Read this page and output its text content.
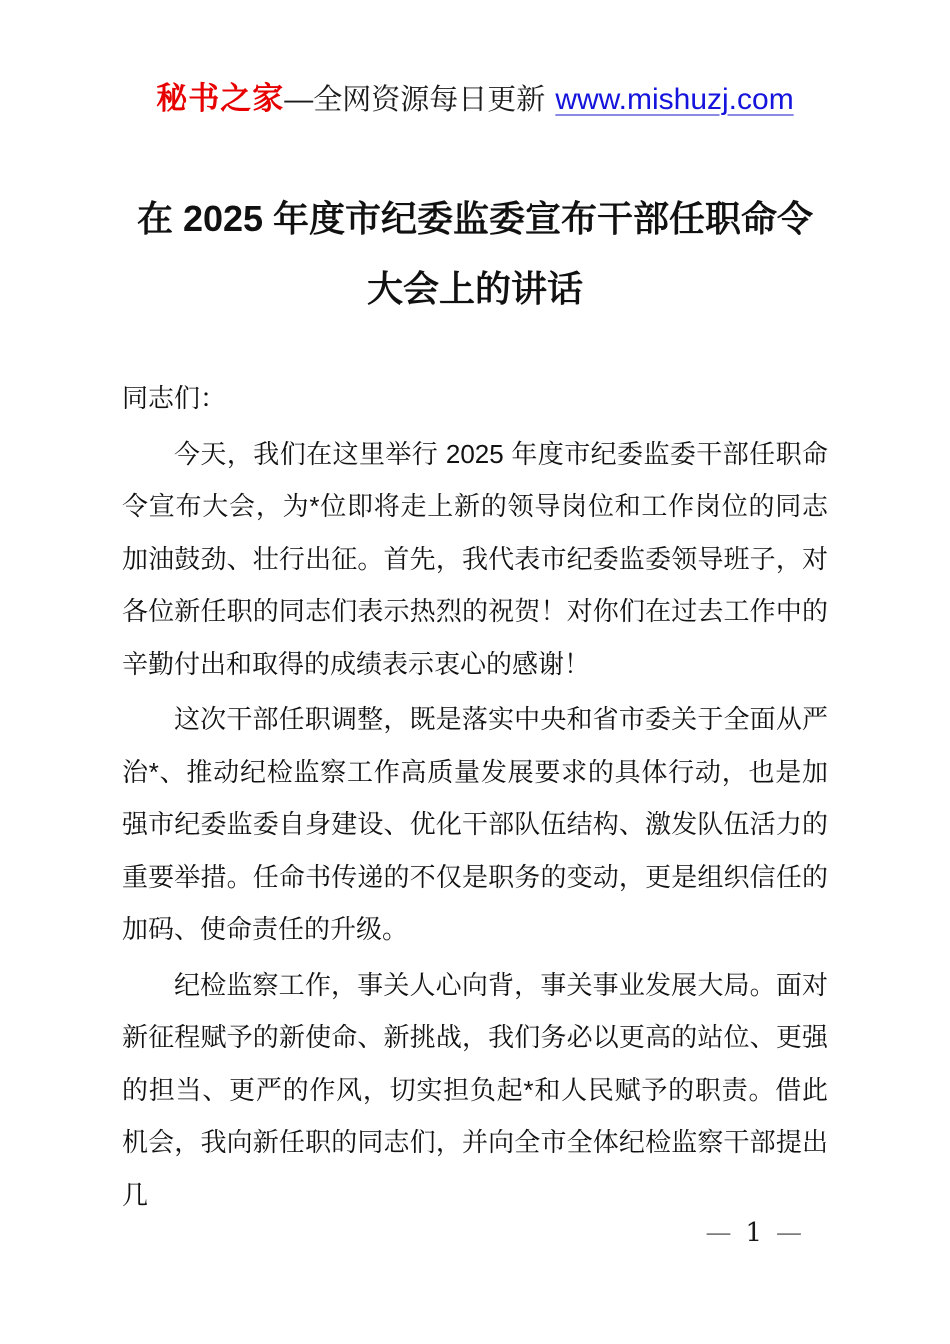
秘书之家—全网资源每日更新 www.mishuzj.com
在 2025 年度市纪委监委宣布干部任职命令
大会上的讲话

同志们：

今天，我们在这里举行 2025 年度市纪委监委干部任职命令宣布大会，为*位即将走上新的领导岗位和工作岗位的同志加油鼓劲、壮行出征。首先，我代表市纪委监委领导班子，对各位新任职的同志们表示热烈的祝贺！对你们在过去工作中的辛勤付出和取得的成绩表示衷心的感谢！

这次干部任职调整，既是落实中央和省市委关于全面从严治*、推动纪检监察工作高质量发展要求的具体行动，也是加强市纪委监委自身建设、优化干部队伍结构、激发队伍活力的重要举措。任命书传递的不仅是职务的变动，更是组织信任的加码、使命责任的升级。

纪检监察工作，事关人心向背，事关事业发展大局。面对新征程赋予的新使命、新挑战，我们务必以更高的站位、更强的担当、更严的作风，切实担负起*和人民赋予的职责。借此机会，我向新任职的同志们，并向全市全体纪检监察干部提出几

— 1 —
